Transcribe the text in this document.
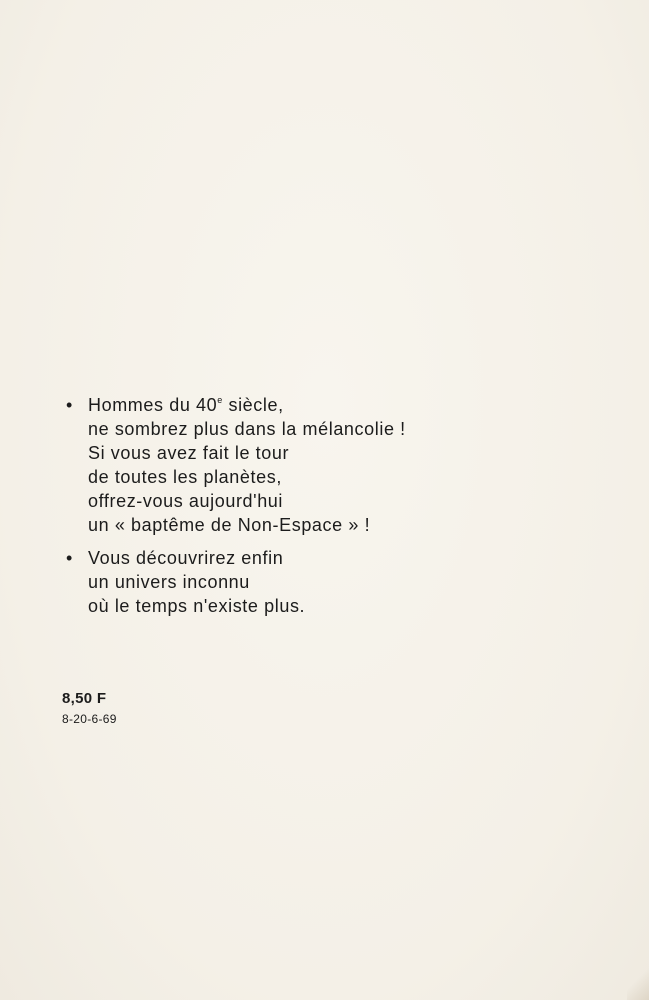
• Hommes du 40e siècle,
ne sombrez plus dans la mélancolie !
Si vous avez fait le tour
de toutes les planètes,
offrez-vous aujourd'hui
un « baptême de Non-Espace » !

• Vous découvrirez enfin
un univers inconnu
où le temps n'existe plus.

8,50 F
8-20-6-69
